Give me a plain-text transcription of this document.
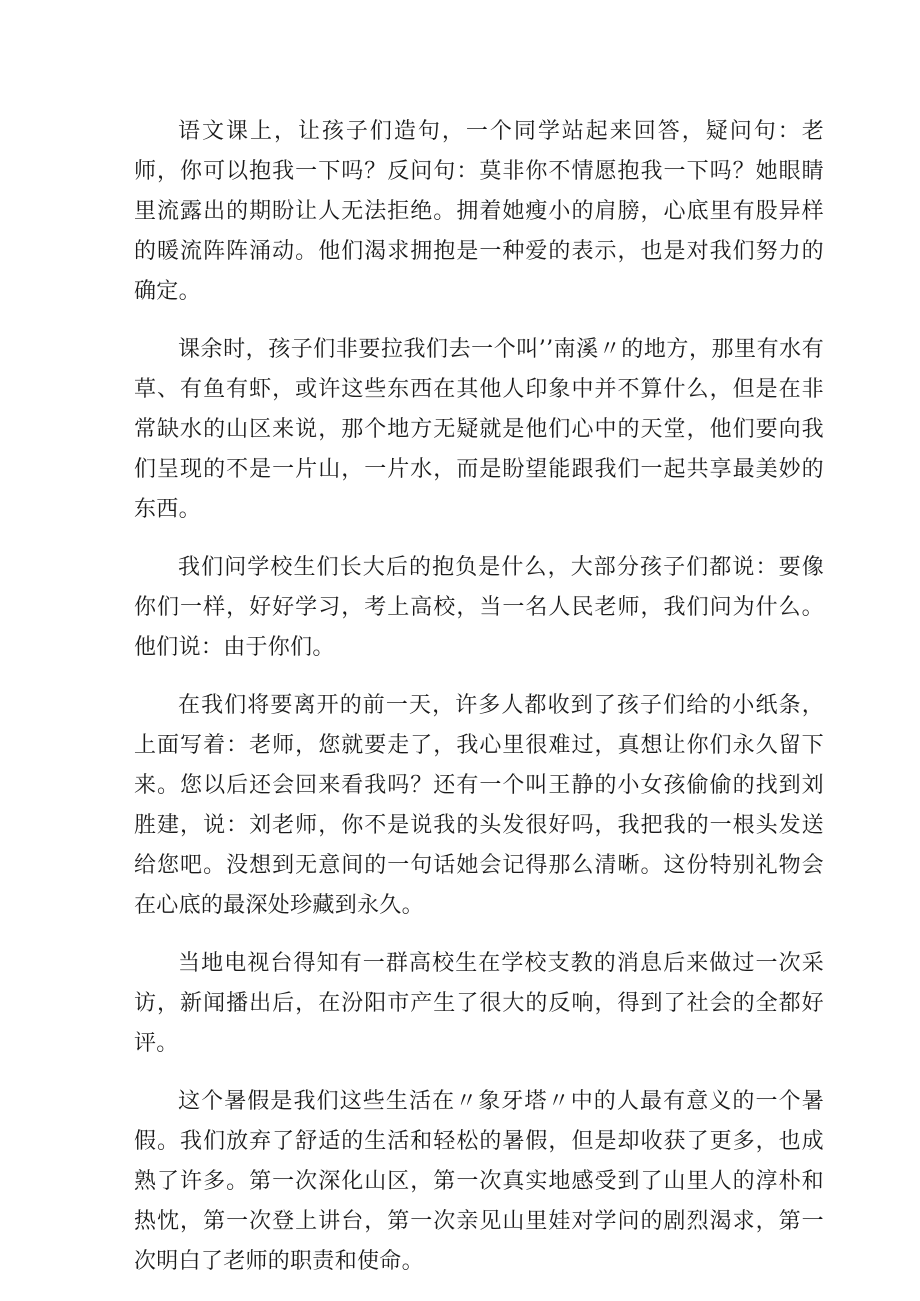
语文课上，让孩子们造句，一个同学站起来回答，疑问句：老师，你可以抱我一下吗？反问句：莫非你不情愿抱我一下吗？她眼睛里流露出的期盼让人无法拒绝。拥着她瘦小的肩膀，心底里有股异样的暖流阵阵涌动。他们渴求拥抱是一种爱的表示，也是对我们努力的确定。

课余时，孩子们非要拉我们去一个叫’’南溪〃的地方，那里有水有草、有鱼有虾，或许这些东西在其他人印象中并不算什么，但是在非常缺水的山区来说，那个地方无疑就是他们心中的天堂，他们要向我们呈现的不是一片山，一片水，而是盼望能跟我们一起共享最美妙的东西。

我们问学校生们长大后的抱负是什么，大部分孩子们都说：要像你们一样，好好学习，考上高校，当一名人民老师，我们问为什么。他们说：由于你们。

在我们将要离开的前一天，许多人都收到了孩子们给的小纸条，上面写着：老师，您就要走了，我心里很难过，真想让你们永久留下来。您以后还会回来看我吗？还有一个叫王静的小女孩偷偷的找到刘胜建，说：刘老师，你不是说我的头发很好吗，我把我的一根头发送给您吧。没想到无意间的一句话她会记得那么清晰。这份特别礼物会在心底的最深处珍藏到永久。

当地电视台得知有一群高校生在学校支教的消息后来做过一次采访，新闻播出后，在汾阳市产生了很大的反响，得到了社会的全都好评。

这个暑假是我们这些生活在〃象牙塔〃中的人最有意义的一个暑假。我们放弃了舒适的生活和轻松的暑假，但是却收获了更多，也成熟了许多。第一次深化山区，第一次真实地感受到了山里人的淳朴和热忱，第一次登上讲台，第一次亲见山里娃对学问的剧烈渴求，第一次明白了老师的职责和使命。
